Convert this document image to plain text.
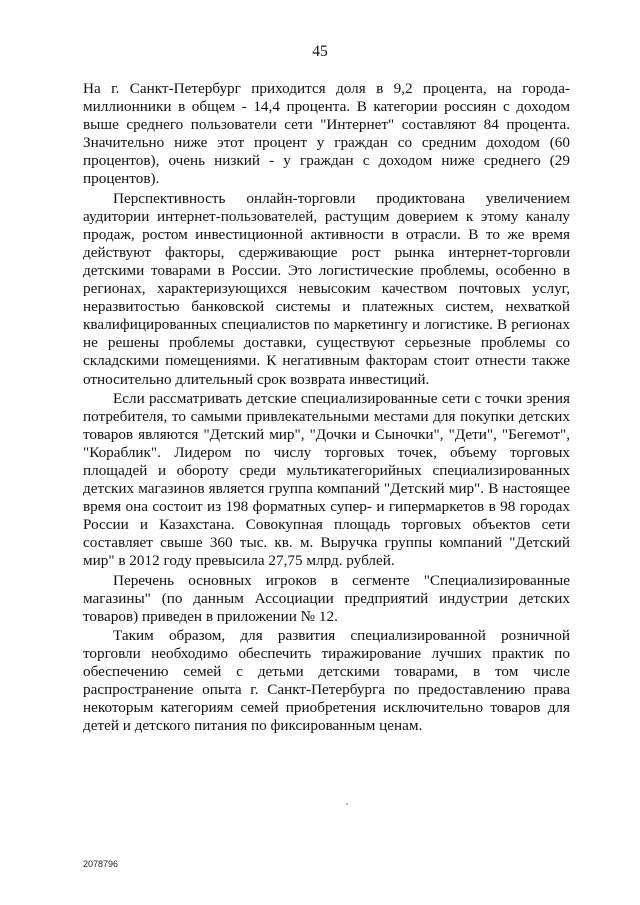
45

На г. Санкт-Петербург приходится доля в 9,2 процента, на города-миллионники в общем - 14,4 процента. В категории россиян с доходом выше среднего пользователи сети "Интернет" составляют 84 процента. Значительно ниже этот процент у граждан со средним доходом (60 процентов), очень низкий - у граждан с доходом ниже среднего (29 процентов).

Перспективность онлайн-торговли продиктована увеличением аудитории интернет-пользователей, растущим доверием к этому каналу продаж, ростом инвестиционной активности в отрасли. В то же время действуют факторы, сдерживающие рост рынка интернет-торговли детскими товарами в России. Это логистические проблемы, особенно в регионах, характеризующихся невысоким качеством почтовых услуг, неразвитостью банковской системы и платежных систем, нехваткой квалифицированных специалистов по маркетингу и логистике. В регионах не решены проблемы доставки, существуют серьезные проблемы со складскими помещениями. К негативным факторам стоит отнести также относительно длительный срок возврата инвестиций.

Если рассматривать детские специализированные сети с точки зрения потребителя, то самыми привлекательными местами для покупки детских товаров являются "Детский мир", "Дочки и Сыночки", "Дети", "Бегемот", "Кораблик". Лидером по числу торговых точек, объему торговых площадей и обороту среди мультикатегорийных специализированных детских магазинов является группа компаний "Детский мир". В настоящее время она состоит из 198 форматных супер- и гипермаркетов в 98 городах России и Казахстана. Совокупная площадь торговых объектов сети составляет свыше 360 тыс. кв. м. Выручка группы компаний "Детский мир" в 2012 году превысила 27,75 млрд. рублей.

Перечень основных игроков в сегменте "Специализированные магазины" (по данным Ассоциации предприятий индустрии детских товаров) приведен в приложении № 12.

Таким образом, для развития специализированной розничной торговли необходимо обеспечить тиражирование лучших практик по обеспечению семей с детьми детскими товарами, в том числе распространение опыта г. Санкт-Петербурга по предоставлению права некоторым категориям семей приобретения исключительно товаров для детей и детского питания по фиксированным ценам.

2078796
